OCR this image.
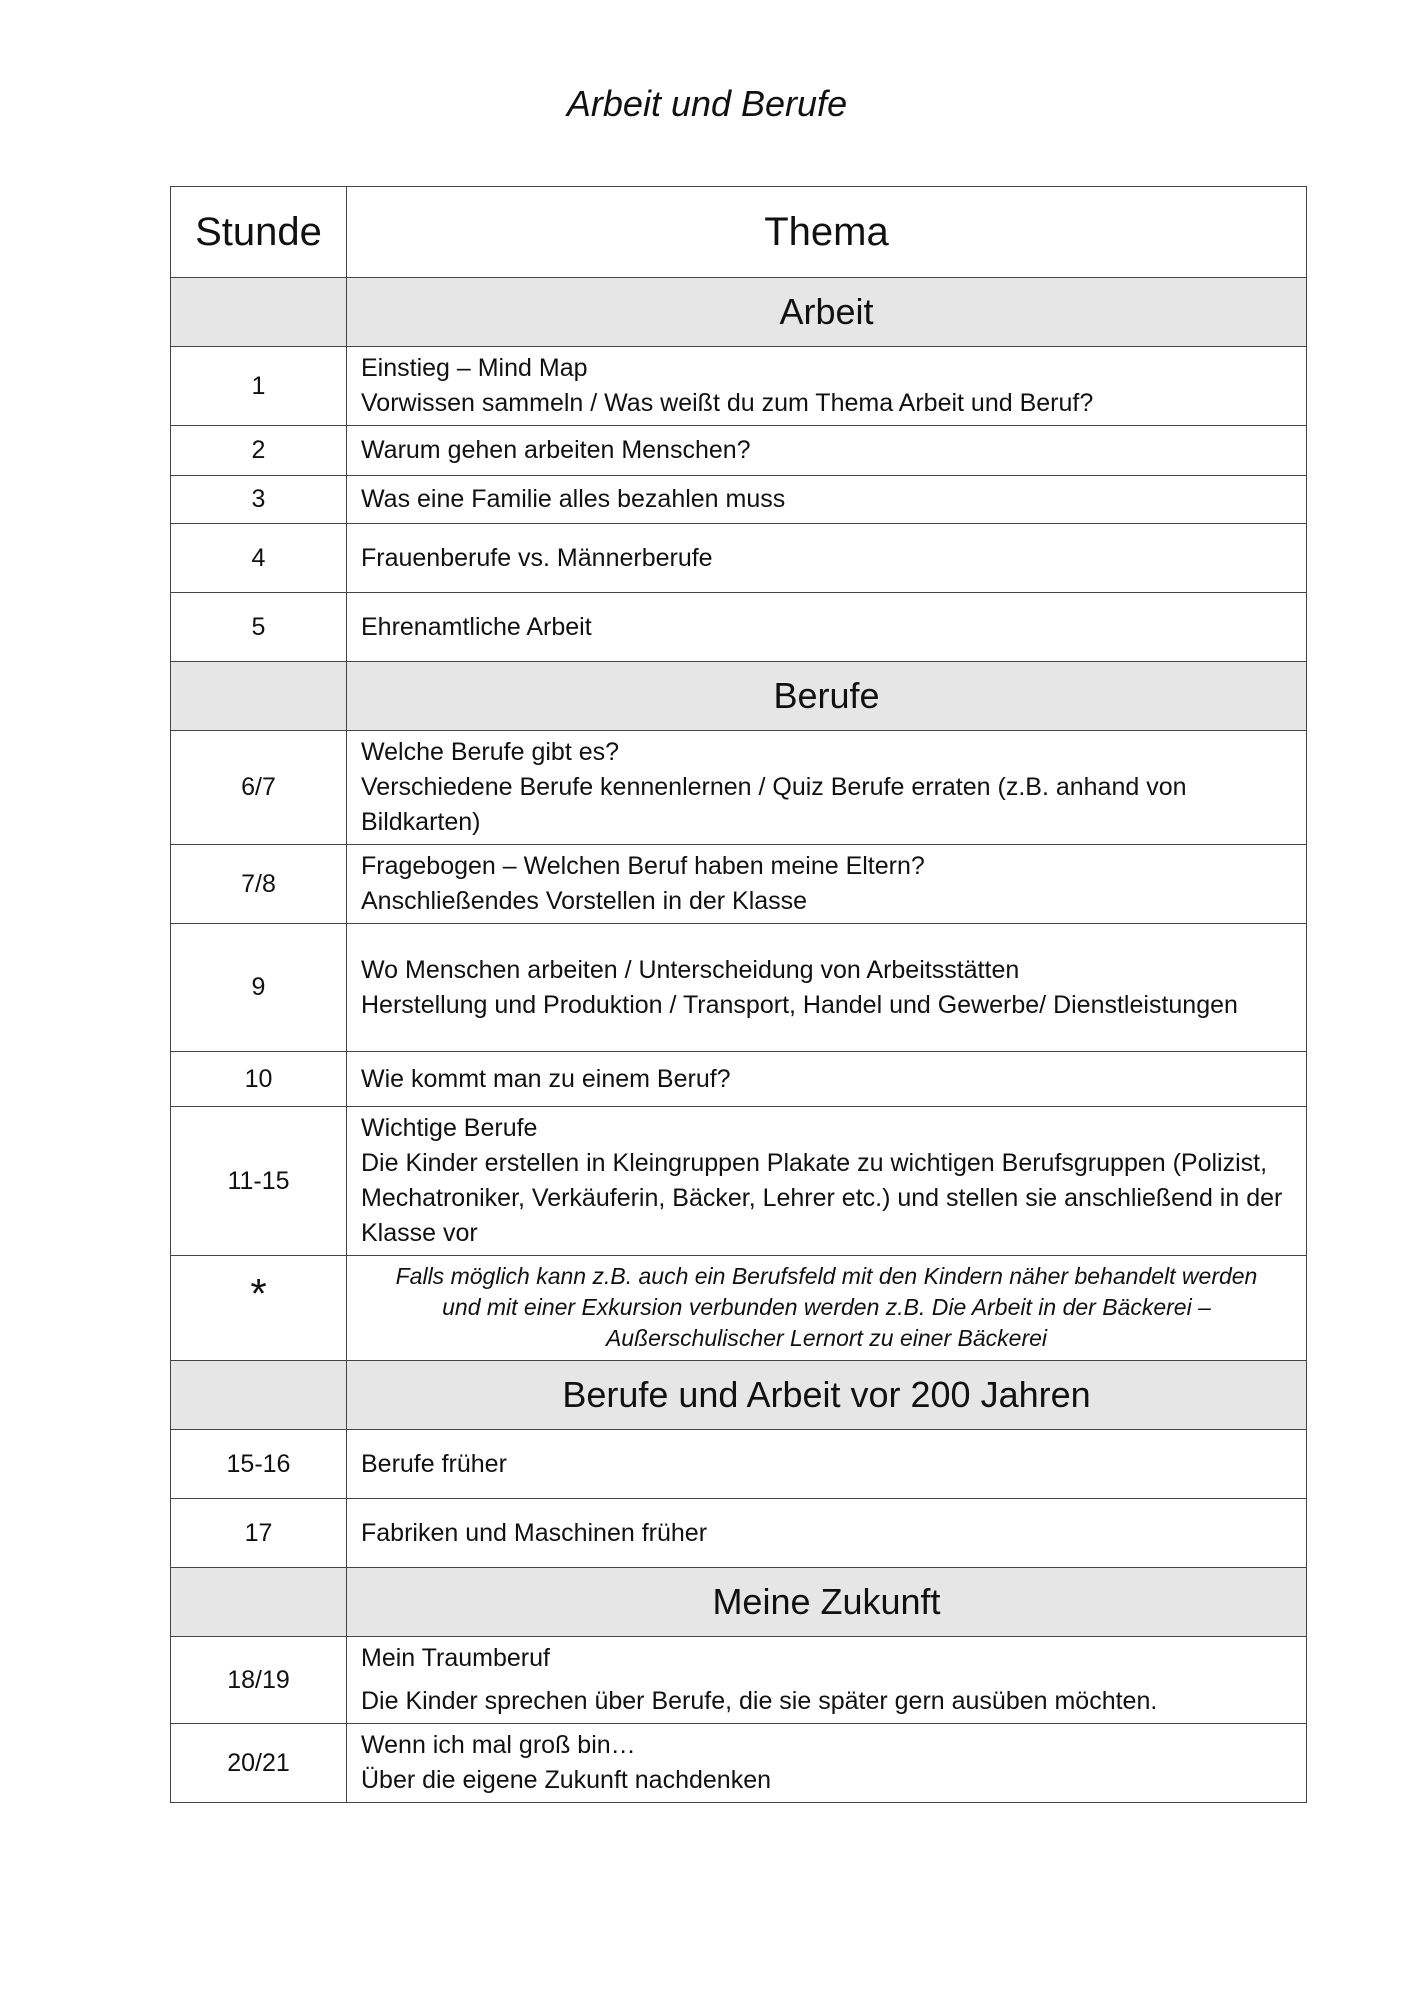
Arbeit und Berufe
Stunde	Thema
	Arbeit
1	Einstieg – Mind Map
Vorwissen sammeln / Was weißt du zum Thema Arbeit und Beruf?

2	Warum gehen arbeiten Menschen?

3	Was eine Familie alles bezahlen muss

4	Frauenberufe vs. Männerberufe

5	Ehrenamtliche Arbeit

	Berufe
6/7	Welche Berufe gibt es?
Verschiedene Berufe kennenlernen / Quiz Berufe erraten (z.B. anhand von Bildkarten)

7/8	Fragebogen – Welchen Beruf haben meine Eltern?
Anschließendes Vorstellen in der Klasse

9	Wo Menschen arbeiten / Unterscheidung von Arbeitsstätten
Herstellung und Produktion / Transport, Handel und Gewerbe/ Dienstleistungen

10	Wie kommt man zu einem Beruf?

11-15	Wichtige Berufe
Die Kinder erstellen in Kleingruppen Plakate zu wichtigen Berufsgruppen (Polizist, Mechatroniker, Verkäuferin, Bäcker, Lehrer etc.) und stellen sie anschließend in der Klasse vor

*	Falls möglich kann z.B. auch ein Berufsfeld mit den Kindern näher behandelt werden und mit einer Exkursion verbunden werden z.B. Die Arbeit in der Bäckerei – Außerschulischer Lernort zu einer Bäckerei
	Berufe und Arbeit vor 200 Jahren
15-16	Berufe früher

17	Fabriken und Maschinen früher

	Meine Zukunft
18/19	Mein Traumberuf
Die Kinder sprechen über Berufe, die sie später gern ausüben möchten.

20/21	Wenn ich mal groß bin…
Über die eigene Zukunft nachdenken
